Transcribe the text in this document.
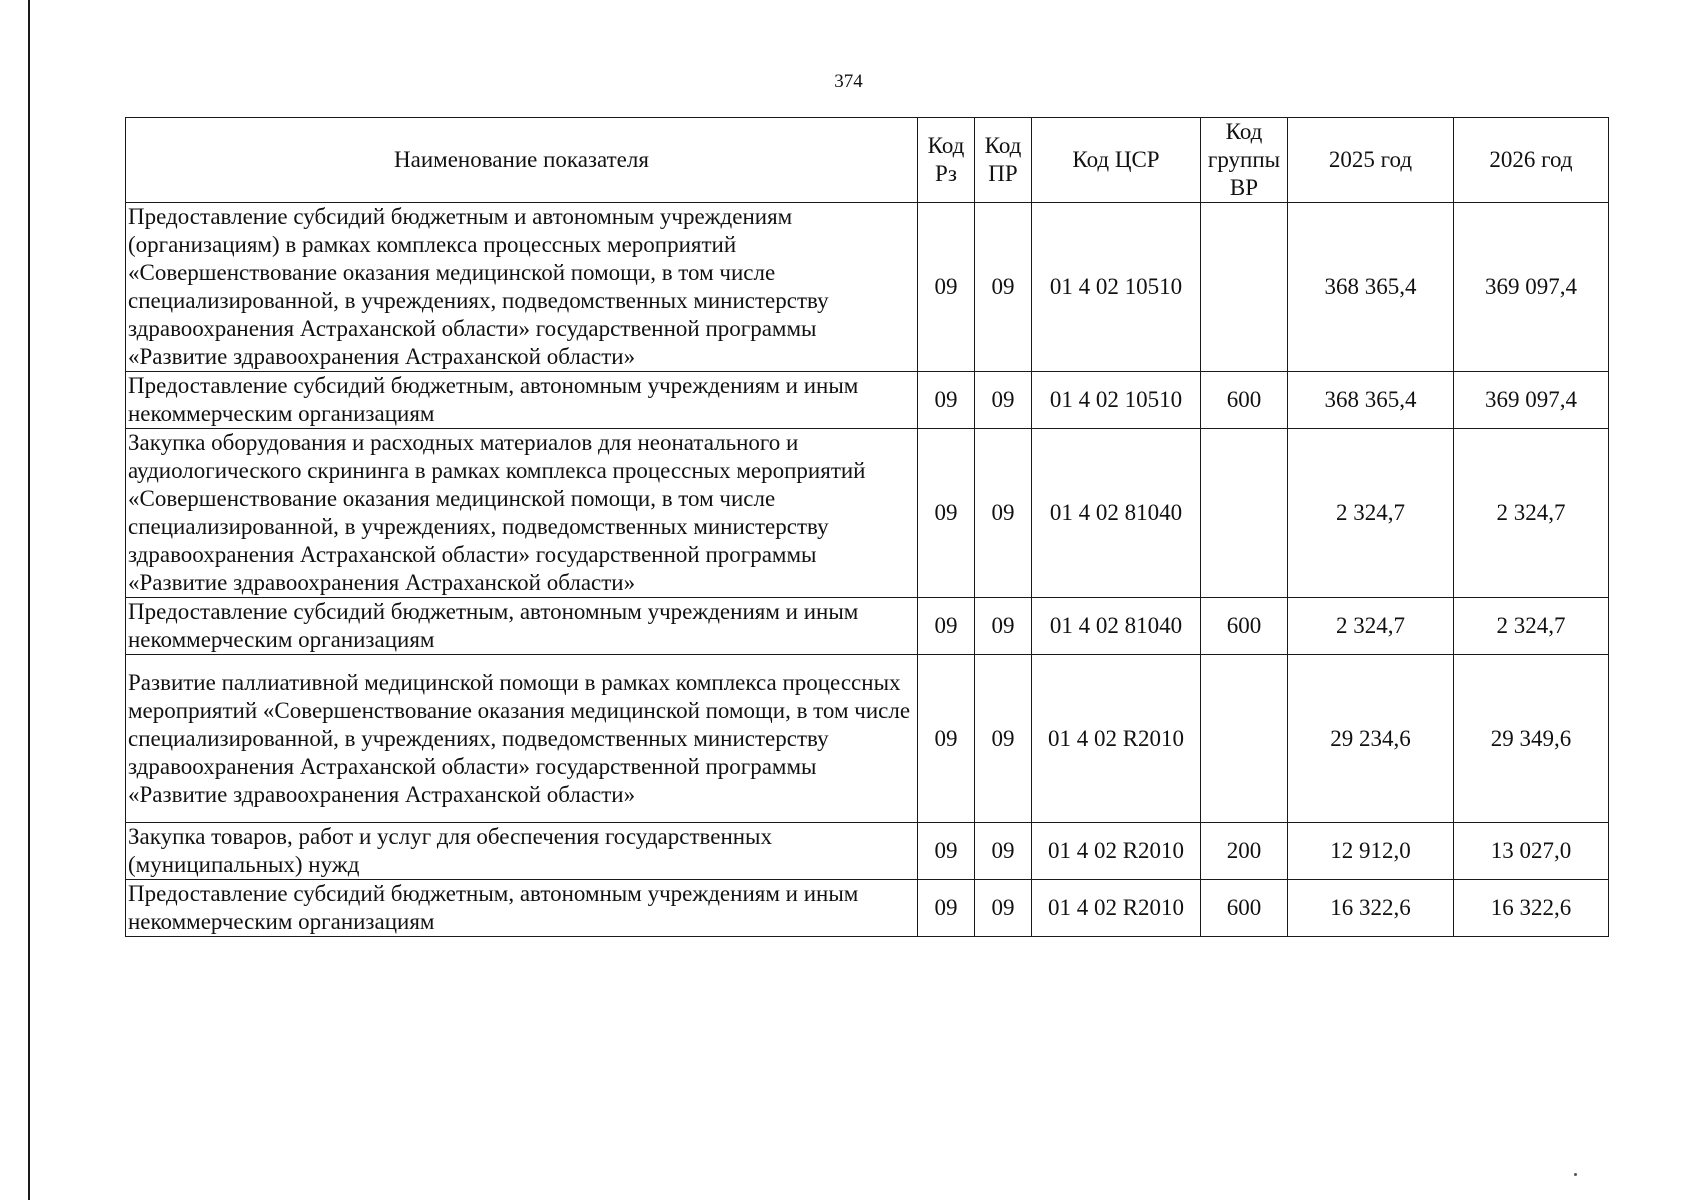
374
Наименование показателя	Код Рз	Код ПР	Код ЦСР	Код группы ВР	2025 год	2026 год
Предоставление субсидий бюджетным и автономным учреждениям (организациям) в рамках комплекса процессных мероприятий «Совершенствование оказания медицинской помощи, в том числе специализированной, в учреждениях, подведомственных министерству здравоохранения Астраханской области» государственной программы «Развитие здравоохранения Астраханской области»	09	09	01 4 02 10510		368 365,4	369 097,4
Предоставление субсидий бюджетным, автономным учреждениям и иным некоммерческим организациям	09	09	01 4 02 10510	600	368 365,4	369 097,4
Закупка оборудования и расходных материалов для неонатального и аудиологического скрининга в рамках комплекса процессных мероприятий «Совершенствование оказания медицинской помощи, в том числе специализированной, в учреждениях, подведомственных министерству здравоохранения Астраханской области» государственной программы «Развитие здравоохранения Астраханской области»	09	09	01 4 02 81040		2 324,7	2 324,7
Предоставление субсидий бюджетным, автономным учреждениям и иным некоммерческим организациям	09	09	01 4 02 81040	600	2 324,7	2 324,7
Развитие паллиативной медицинской помощи в рамках комплекса процессных мероприятий «Совершенствование оказания медицинской помощи, в том числе специализированной, в учреждениях, подведомственных министерству здравоохранения Астраханской области» государственной программы «Развитие здравоохранения Астраханской области»	09	09	01 4 02 R2010		29 234,6	29 349,6
Закупка товаров, работ и услуг для обеспечения государственных (муниципальных) нужд	09	09	01 4 02 R2010	200	12 912,0	13 027,0
Предоставление субсидий бюджетным, автономным учреждениям и иным некоммерческим организациям	09	09	01 4 02 R2010	600	16 322,6	16 322,6
